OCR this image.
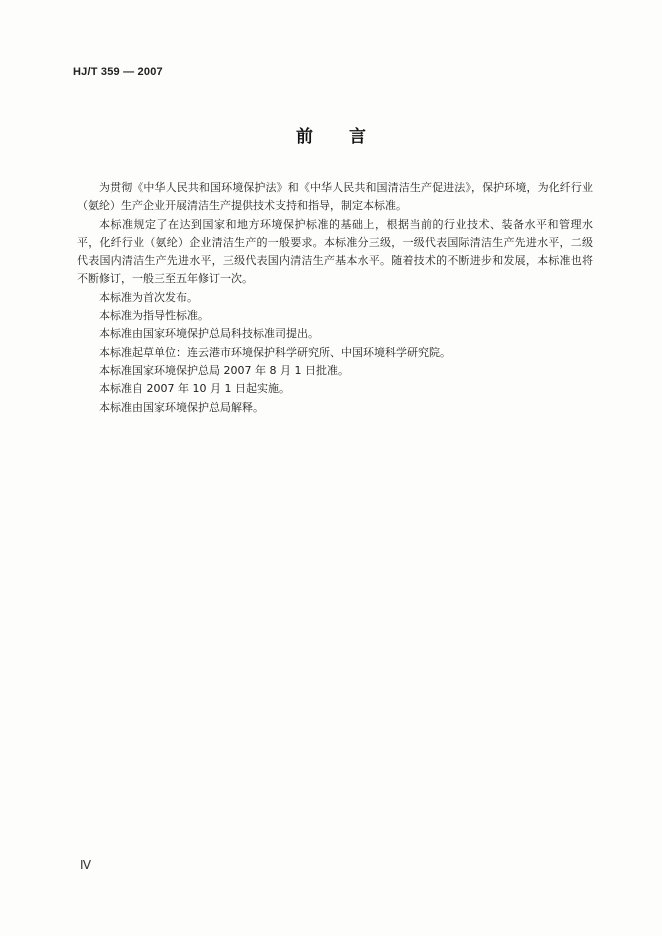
HJ/T 359 — 2007
前 言

为贯彻《中华人民共和国环境保护法》和《中华人民共和国清洁生产促进法》，保护环境，为化纤行业（氨纶）生产企业开展清洁生产提供技术支持和指导，制定本标准。

本标准规定了在达到国家和地方环境保护标准的基础上，根据当前的行业技术、装备水平和管理水平，化纤行业（氨纶）企业清洁生产的一般要求。本标准分三级，一级代表国际清洁生产先进水平，二级代表国内清洁生产先进水平，三级代表国内清洁生产基本水平。随着技术的不断进步和发展，本标准也将不断修订，一般三至五年修订一次。

本标准为首次发布。

本标准为指导性标准。

本标准由国家环境保护总局科技标准司提出。

本标准起草单位：连云港市环境保护科学研究所、中国环境科学研究院。

本标准国家环境保护总局 2007 年 8 月 1 日批准。

本标准自 2007 年 10 月 1 日起实施。

本标准由国家环境保护总局解释。

Ⅳ
